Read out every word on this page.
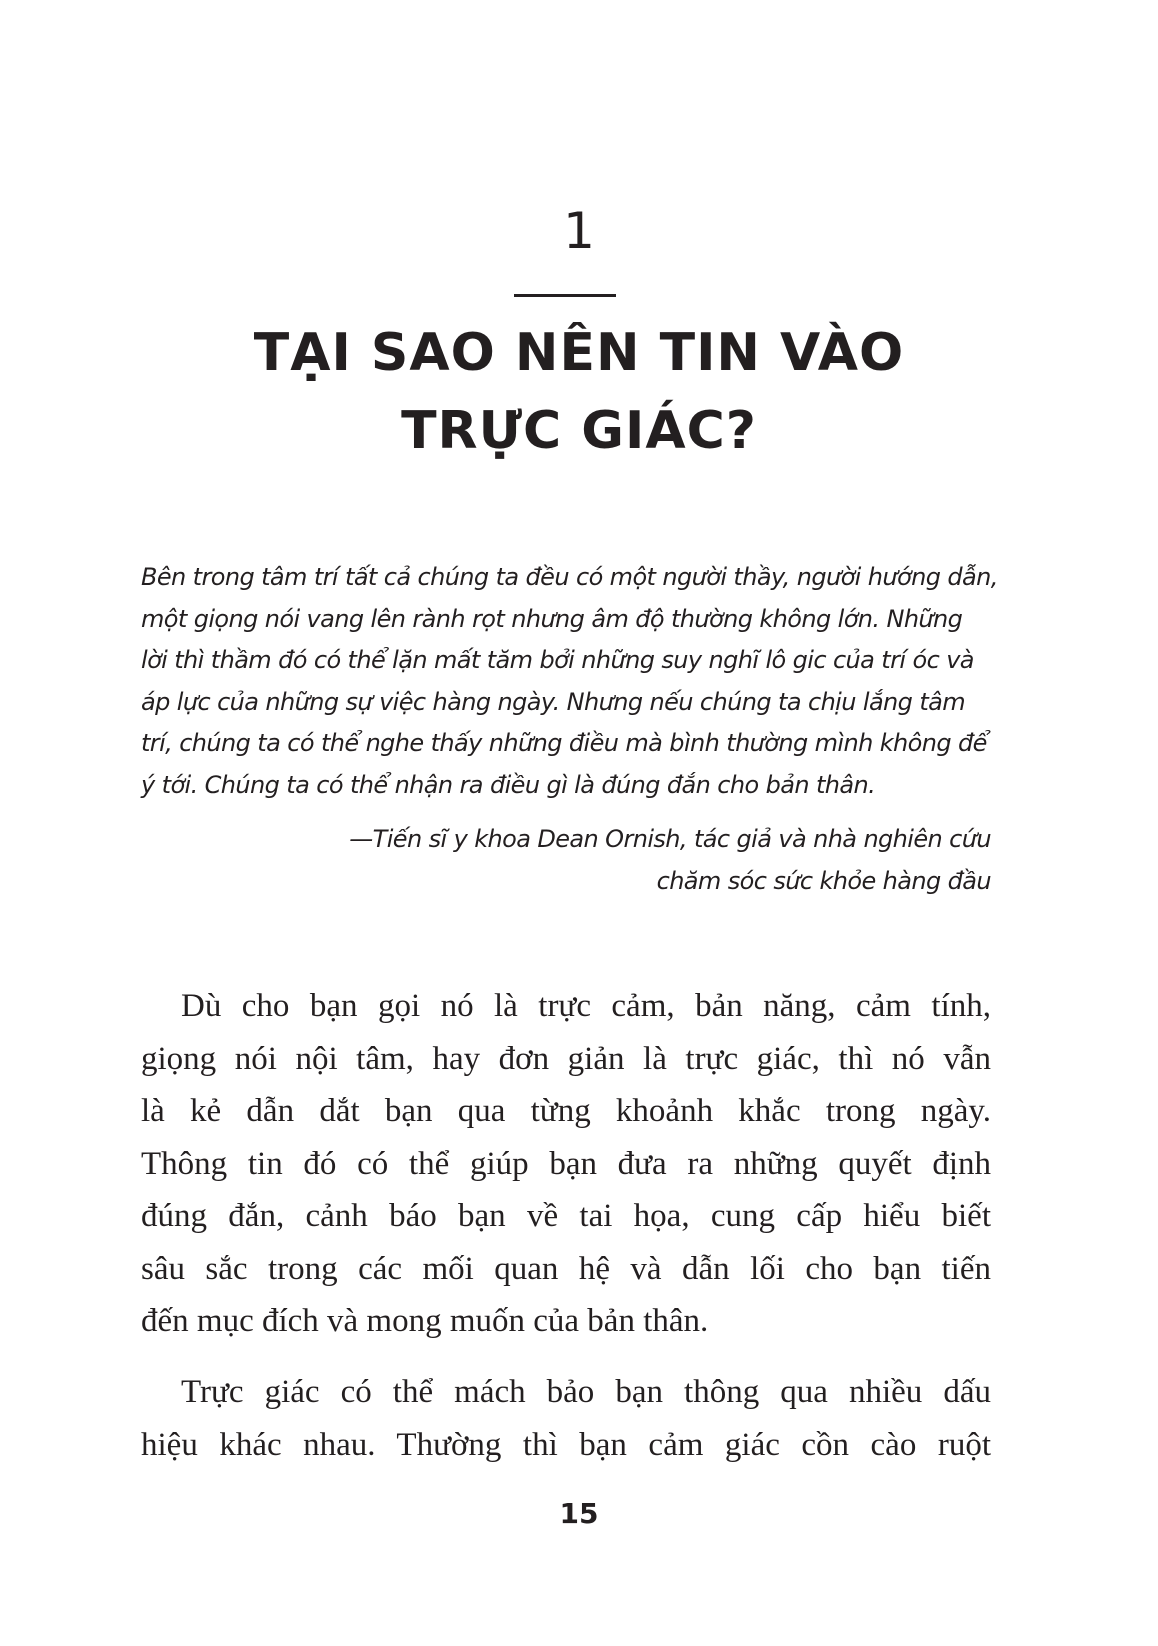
1
TẠI SAO NÊN TIN VÀO
TRỰC GIÁC?
Bên trong tâm trí tất cả chúng ta đều có một người thầy, người hướng dẫn,
một giọng nói vang lên rành rọt nhưng âm độ thường không lớn. Những
lời thì thầm đó có thể lặn mất tăm bởi những suy nghĩ lô gic của trí óc và
áp lực của những sự việc hàng ngày. Nhưng nếu chúng ta chịu lắng tâm
trí, chúng ta có thể nghe thấy những điều mà bình thường mình không để
ý tới. Chúng ta có thể nhận ra điều gì là đúng đắn cho bản thân.
—Tiến sĩ y khoa Dean Ornish, tác giả và nhà nghiên cứu
chăm sóc sức khỏe hàng đầu
Dù cho bạn gọi nó là trực cảm, bản năng, cảm tính,
giọng nói nội tâm, hay đơn giản là trực giác, thì nó vẫn
là kẻ dẫn dắt bạn qua từng khoảnh khắc trong ngày.
Thông tin đó có thể giúp bạn đưa ra những quyết định
đúng đắn, cảnh báo bạn về tai họa, cung cấp hiểu biết
sâu sắc trong các mối quan hệ và dẫn lối cho bạn tiến
đến mục đích và mong muốn của bản thân.
Trực giác có thể mách bảo bạn thông qua nhiều dấu
hiệu khác nhau. Thường thì bạn cảm giác cồn cào ruột
15
